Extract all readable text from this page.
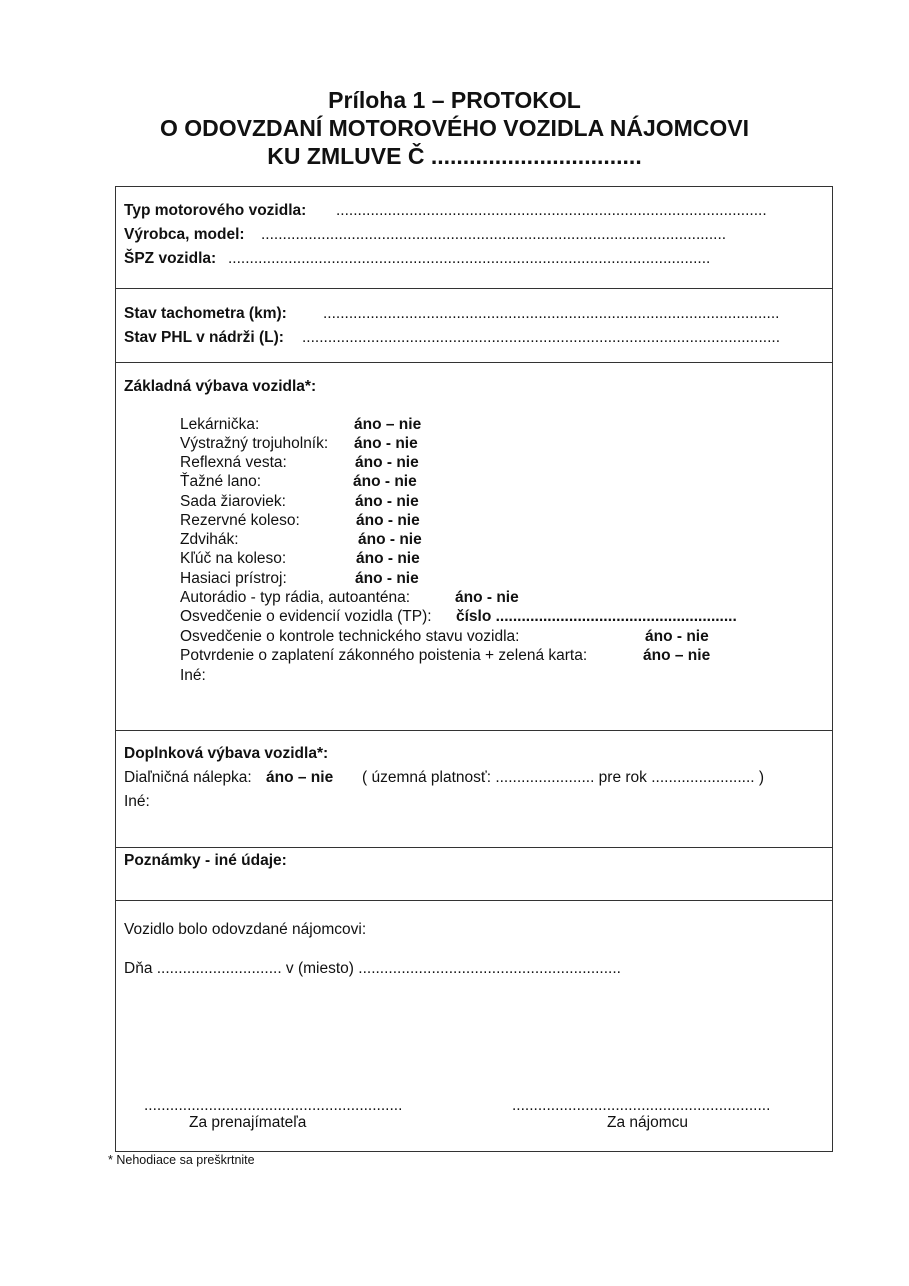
Príloha 1 – PROTOKOL
O ODOVZDANÍ MOTOROVÉHO VOZIDLA NÁJOMCOVI
KU ZMLUVE Č .................................
Typ motorového vozidla: ....................................................................................................
Výrobca, model: ............................................................................................................
ŠPZ vozidla: ................................................................................................................
Stav tachometra (km): ..........................................................................................................
Stav PHL v nádrži (L): ...............................................................................................................
Základná výbava vozidla*:
Lekárnička:	áno – nie
Výstražný trojuholník: áno - nie
Reflexná vesta:	áno - nie
Ťažné lano:	áno - nie
Sada žiaroviek:	áno - nie
Rezervné koleso:	áno - nie
Zdvihák:	áno - nie
Kľúč na koleso:	áno - nie
Hasiaci prístroj:	áno - nie
Autorádio - typ rádia, autoanténa:	áno - nie
Osvedčenie o evidencií vozidla (TP): číslo ........................................................
Osvedčenie o kontrole technického stavu vozidla:	áno - nie
Potvrdenie o zaplatení zákonného poistenia + zelená karta:	áno – nie
Iné:
Doplnková výbava vozidla*:
Diaľničná nálepka: áno – nie ( územná platnosť: ....................... pre rok ........................ )
Iné:
Poznámky - iné údaje:
Vozidlo bolo odovzdané nájomcovi:
Dňa ............................. v (miesto) .............................................................
............................................................	............................................................
Za prenajímateľa	Za nájomcu
* Nehodiace sa preškrtnite
